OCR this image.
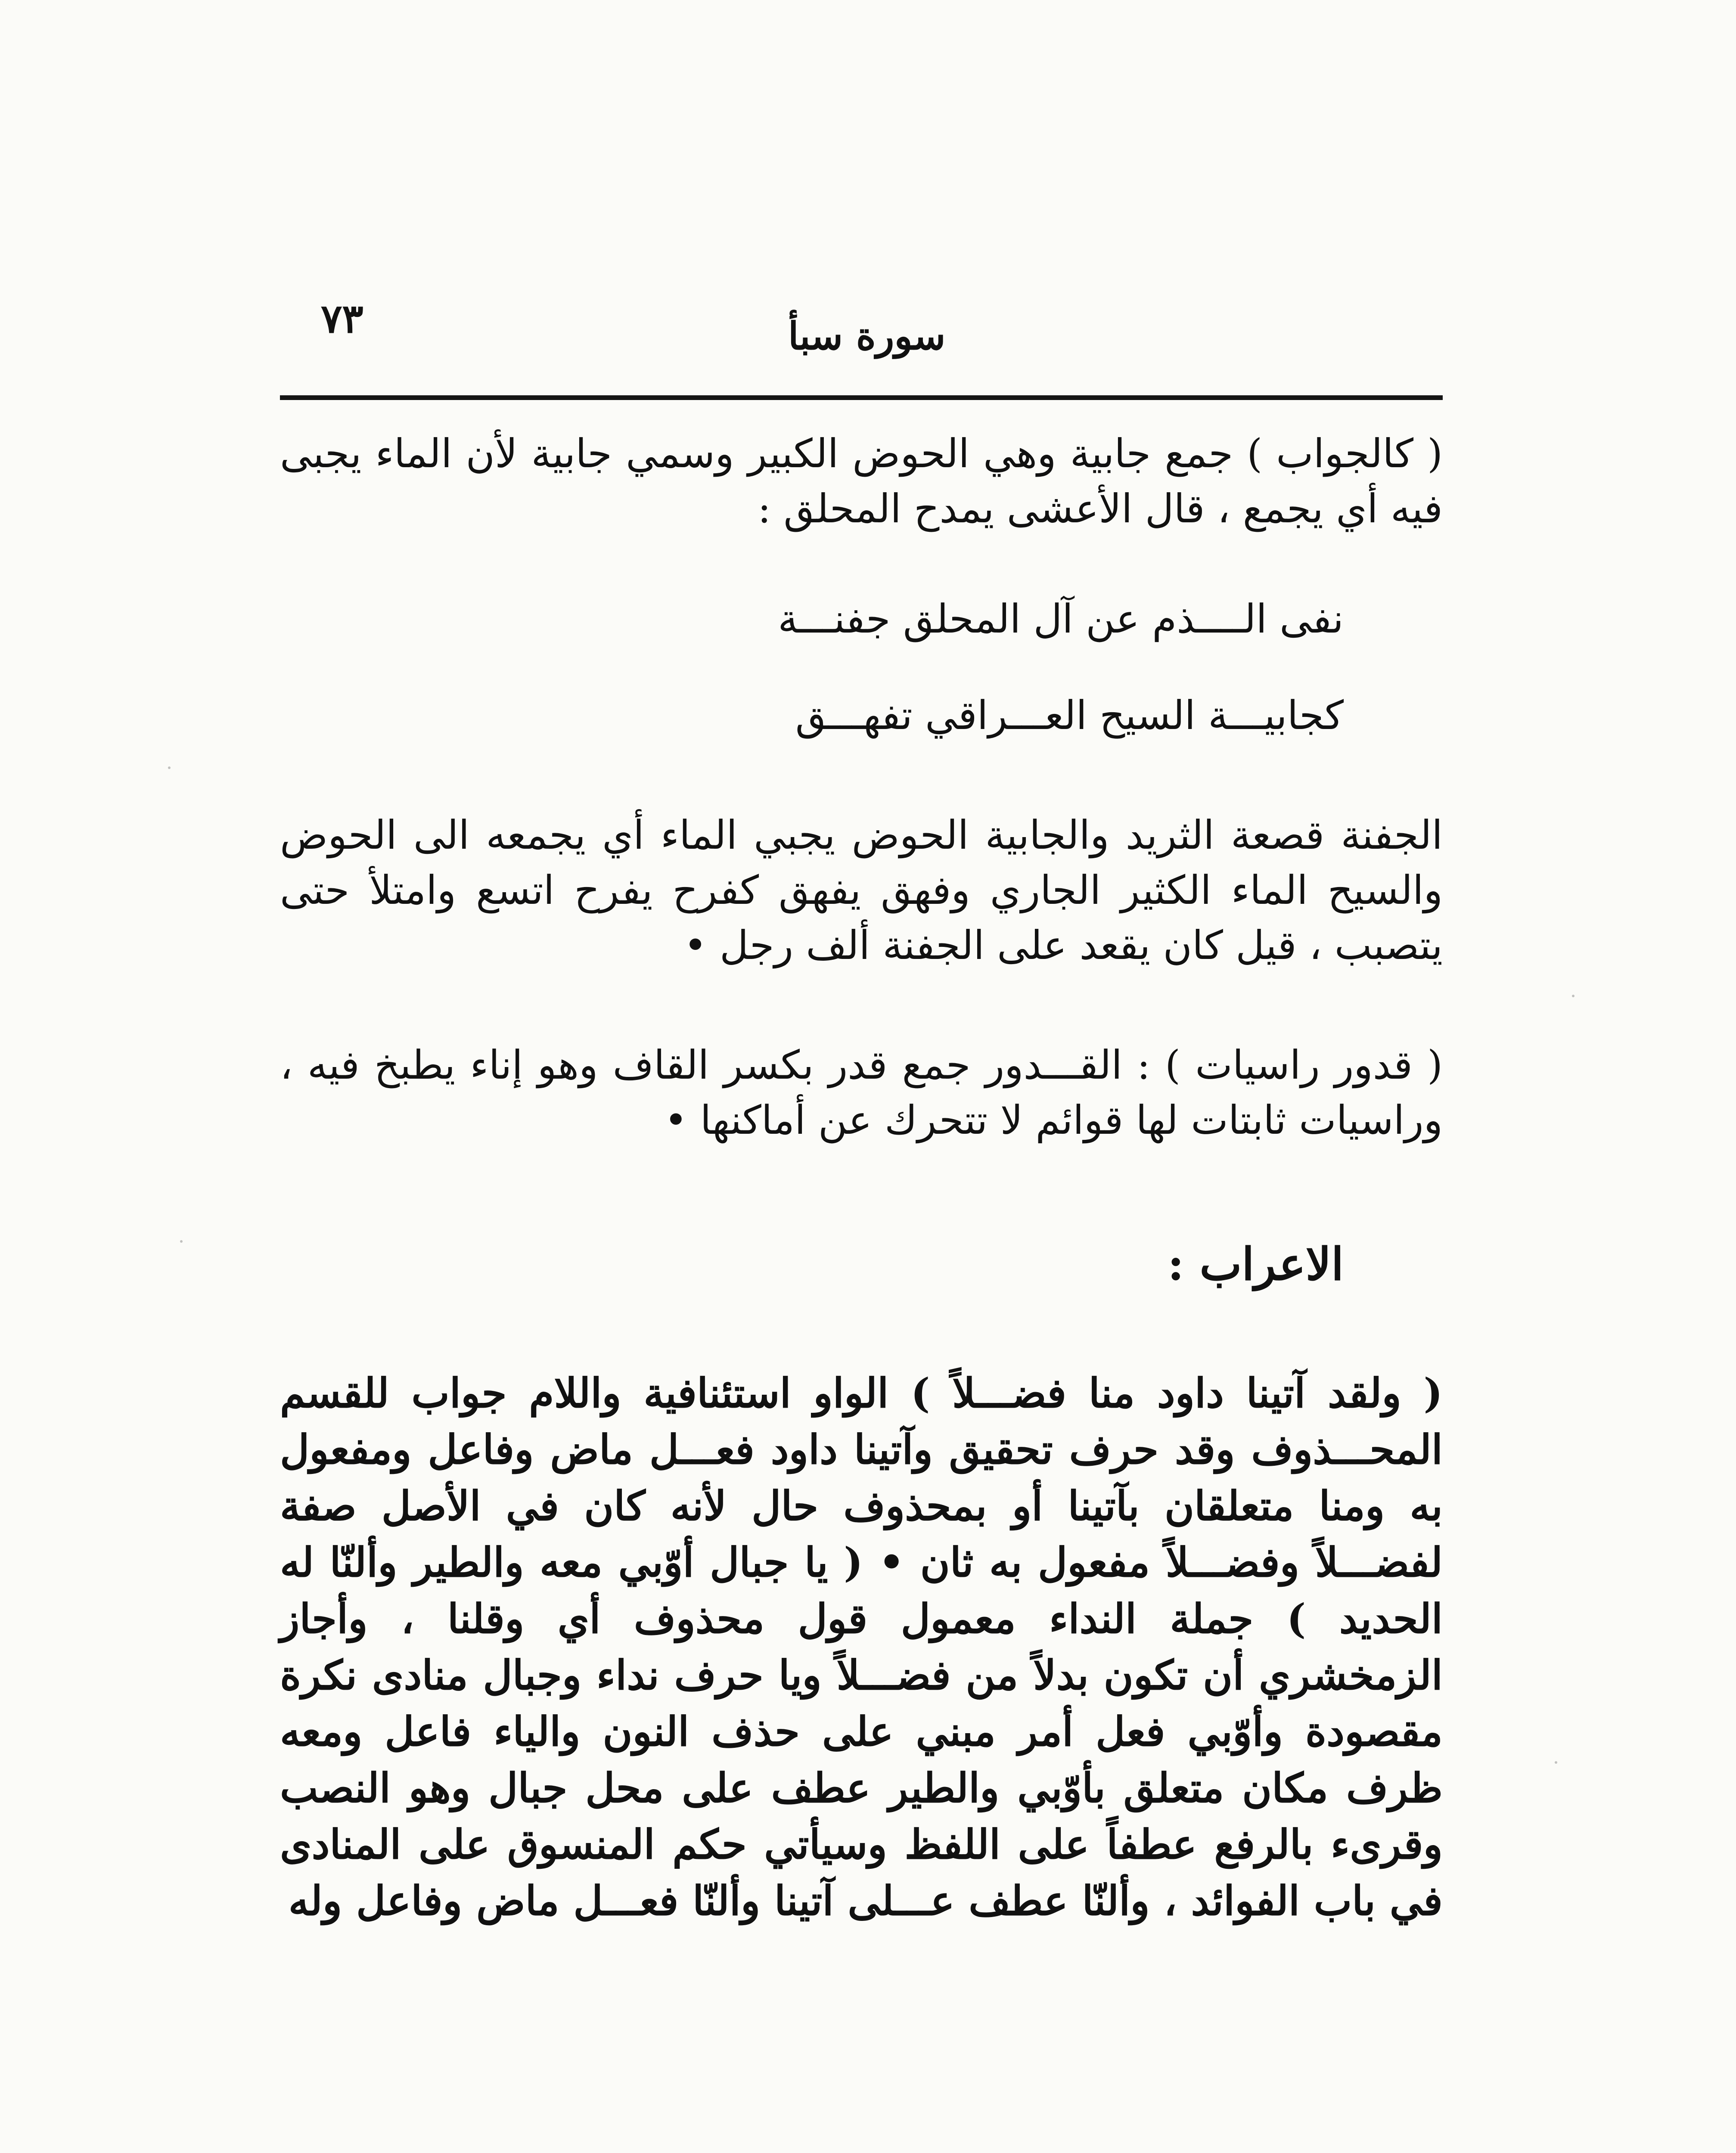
٧٣	سورة سبأ

( كالجواب ) جمع جابية وهي الحوض الكبير وسمي جابية لأن الماء يجبى فيه أي يجمع ، قال الأعشى يمدح المحلق :

نفى الــــذم عن آل المحلق جفنـــة
كجابيـــة السيح العـــراقي تفهـــق

الجفنة قصعة الثريد والجابية الحوض يجبي الماء أي يجمعه الى الحوض والسيح الماء الكثير الجاري وفهق يفهق كفرح يفرح اتسع وامتلأ حتى يتصبب ، قيل كان يقعد على الجفنة ألف رجل •

( قدور راسيات ) : القـــدور جمع قدر بكسر القاف وهو إناء يطبخ فيه ، وراسيات ثابتات لها قوائم لا تتحرك عن أماكنها •

الاعراب :

( ولقد آتينا داود منا فضـــلاً ) الواو استئنافية واللام جواب للقسم المحـــذوف وقد حرف تحقيق وآتينا داود فعـــل ماض وفاعل ومفعول به ومنا متعلقان بآتينا أو بمحذوف حال لأنه كان في الأصل صفة لفضـــلاً وفضـــلاً مفعول به ثان • ( يا جبال أوّبي معه والطير وألنّا له الحديد ) جملة النداء معمول قول محذوف أي وقلنا ، وأجاز الزمخشري أن تكون بدلاً من فضـــلاً ويا حرف نداء وجبال منادى نكرة مقصودة وأوّبي فعل أمر مبني على حذف النون والياء فاعل ومعه ظرف مكان متعلق بأوّبي والطير عطف على محل جبال وهو النصب وقرىء بالرفع عطفاً على اللفظ وسيأتي حكم المنسوق على المنادى في باب الفوائد ، وألنّا عطف عـــلى آتينا وألنّا فعـــل ماض وفاعل وله
